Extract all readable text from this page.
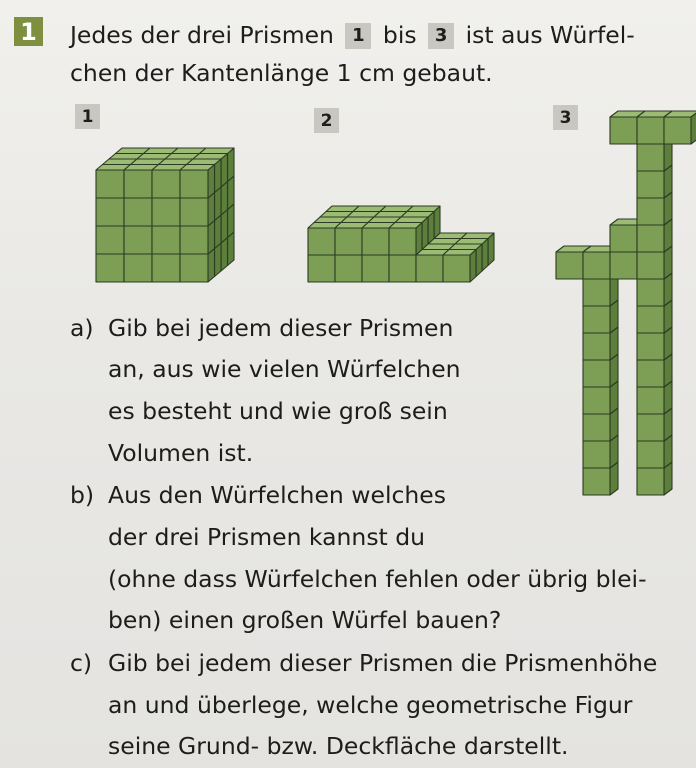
1 Jedes der drei Prismen 1 bis 3 ist aus Würfel-
chen der Kantenlänge 1 cm gebaut.
1	2	3
a) Gib bei jedem dieser Prismen
an, aus wie vielen Würfelchen
es besteht und wie groß sein
Volumen ist.
b) Aus den Würfelchen welches
der drei Prismen kannst du
(ohne dass Würfelchen fehlen oder übrig blei-
ben) einen großen Würfel bauen?
c) Gib bei jedem dieser Prismen die Prismenhöhe
an und überlege, welche geometrische Figur
seine Grund- bzw. Deckfläche darstellt.
